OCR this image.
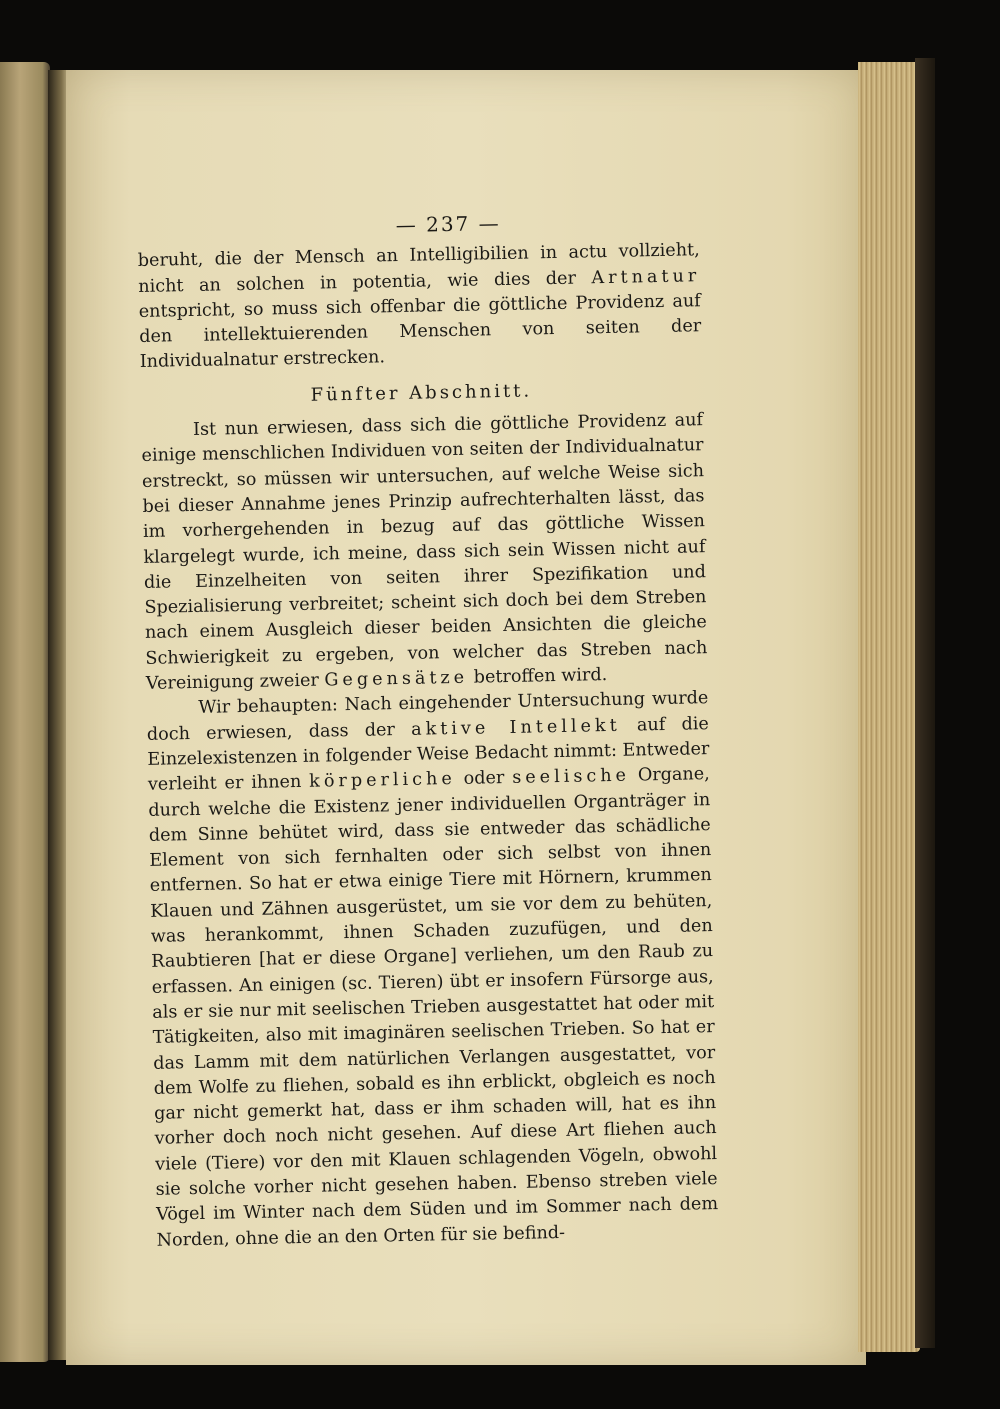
— 237 —

beruht, die der Mensch an Intelligibilien in actu vollzieht, nicht an solchen in potentia, wie dies der Artnatur entspricht, so muss sich offenbar die göttliche Providenz auf den intellektuierenden Menschen von seiten der Individualnatur erstrecken.

Fünfter Abschnitt.

Ist nun erwiesen, dass sich die göttliche Providenz auf einige menschlichen Individuen von seiten der Individualnatur erstreckt, so müssen wir untersuchen, auf welche Weise sich bei dieser Annahme jenes Prinzip aufrechterhalten lässt, das im vorhergehenden in bezug auf das göttliche Wissen klargelegt wurde, ich meine, dass sich sein Wissen nicht auf die Einzelheiten von seiten ihrer Spezifikation und Spezialisierung verbreitet; scheint sich doch bei dem Streben nach einem Ausgleich dieser beiden Ansichten die gleiche Schwierigkeit zu ergeben, von welcher das Streben nach Vereinigung zweier Gegensätze betroffen wird.

Wir behaupten: Nach eingehender Untersuchung wurde doch erwiesen, dass der aktive Intellekt auf die Einzelexistenzen in folgender Weise Bedacht nimmt: Entweder verleiht er ihnen körperliche oder seelische Organe, durch welche die Existenz jener individuellen Organträger in dem Sinne behütet wird, dass sie entweder das schädliche Element von sich fernhalten oder sich selbst von ihnen entfernen. So hat er etwa einige Tiere mit Hörnern, krummen Klauen und Zähnen ausgerüstet, um sie vor dem zu behüten, was herankommt, ihnen Schaden zuzufügen, und den Raubtieren [hat er diese Organe] verliehen, um den Raub zu erfassen. An einigen (sc. Tieren) übt er insofern Fürsorge aus, als er sie nur mit seelischen Trieben ausgestattet hat oder mit Tätigkeiten, also mit imaginären seelischen Trieben. So hat er das Lamm mit dem natürlichen Verlangen ausgestattet, vor dem Wolfe zu fliehen, sobald es ihn erblickt, obgleich es noch gar nicht gemerkt hat, dass er ihm schaden will, hat es ihn vorher doch noch nicht gesehen. Auf diese Art fliehen auch viele (Tiere) vor den mit Klauen schlagenden Vögeln, obwohl sie solche vorher nicht gesehen haben. Ebenso streben viele Vögel im Winter nach dem Süden und im Sommer nach dem Norden, ohne die an den Orten für sie befind-
